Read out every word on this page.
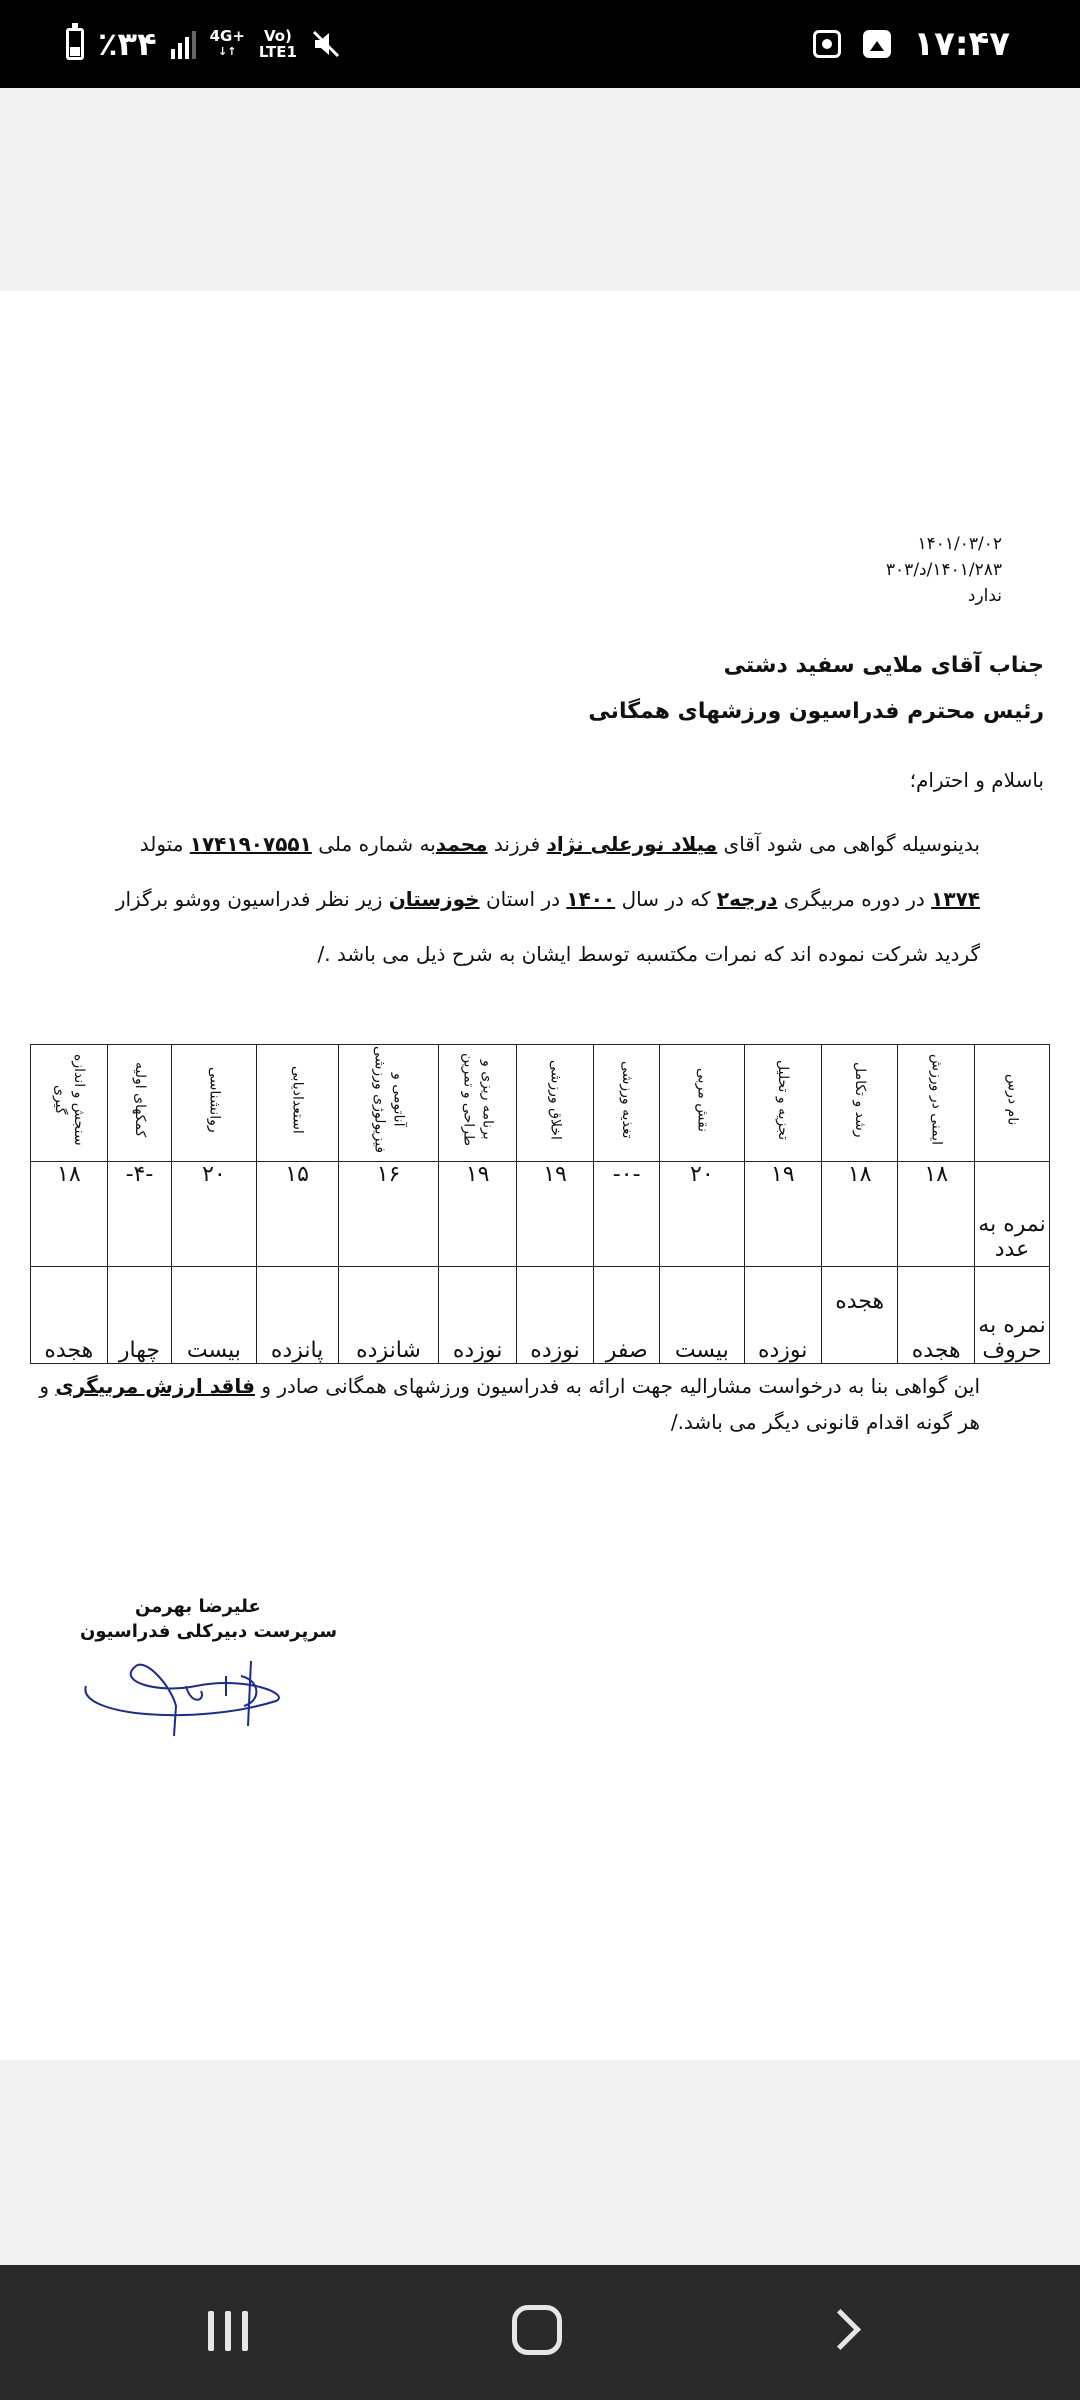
٪۳۴	4G+
↓↑
Vo)
LTE1	۱۷:۴۷
۱۴۰۱/۰۳/۰۲
۱۴۰۱/۲۸۳/د/۳۰۳
ندارد
جناب آقای ملایی سفید دشتی
رئیس محترم فدراسیون ورزشهای همگانی
باسلام و احترام؛
بدینوسیله گواهی می شود آقای میلاد نورعلی نژاد فرزند محمدبه شماره ملی ۱۷۴۱۹۰۷۵۵۱ متولد
۱۳۷۴ در دوره مربیگری درجه۲ که در سال ۱۴۰۰ در استان خوزستان زیر نظر فدراسیون ووشو برگزار
گردید شرکت نموده اند که نمرات مکتسبه توسط ایشان به شرح ذیل می باشد ./
نام درس	ایمنی در ورزش	رشد و تکامل	تجزیه و تحلیل	نقش مربی	تغذیه ورزشی	اخلاق ورزشی	برنامه ریزی و طراحی و تمرین	آناتومی و فیزیولوژی ورزشی	استعدادیابی	روانشناسی	کمکهای اولیه	سنجش و اندازه گیری
نمره به عدد	۱۸	۱۸	۱۹	۲۰	-۰-	۱۹	۱۹	۱۶	۱۵	۲۰	-۴-	۱۸
نمره به حروف	هجده	هجده	نوزده	بیست	صفر	نوزده	نوزده	شانزده	پانزده	بیست	چهار	هجده
این گواهی بنا به درخواست مشارالیه جهت ارائه به فدراسیون ورزشهای همگانی صادر و فاقد ارزش مربیگری و هر گونه اقدام قانونی دیگر می باشد./
علیرضا بهرمن
سرپرست دبیرکلی فدراسیون
